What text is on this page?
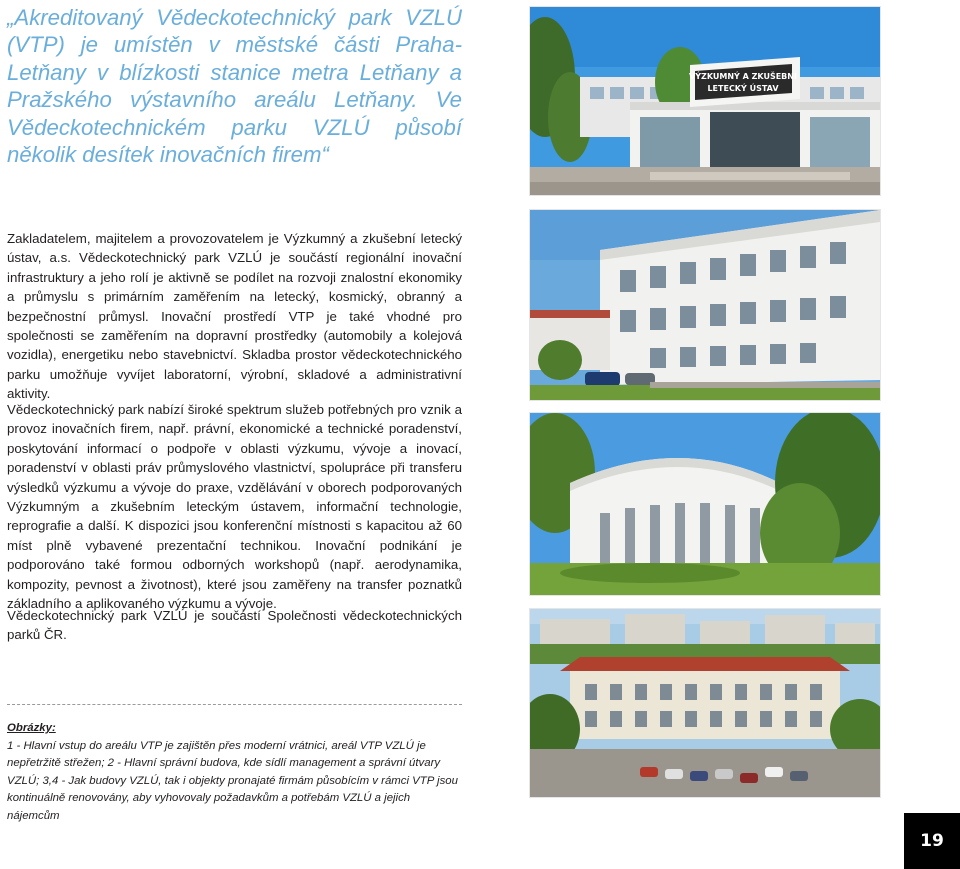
„Akreditovaný Vědeckotechnický park VZLÚ (VTP) je umístěn v městské části Praha-Letňany v blízkosti stanice metra Letňany a Pražského výstavního areálu Letňany. Ve Vědeckotechnickém parku VZLÚ působí několik desítek inovačních firem“

Zakladatelem, majitelem a provozovatelem je Výzkumný a zkušební letecký ústav, a.s. Vědeckotechnický park VZLÚ je součástí regionální inovační infrastruktury a jeho rolí je aktivně se podílet na rozvoji znalostní ekonomiky a průmyslu s primárním zaměřením na letecký, kosmický, obranný a bezpečnostní průmysl. Inovační prostředí VTP je také vhodné pro společnosti se zaměřením na dopravní prostředky (automobily a kolejová vozidla), energetiku nebo stavebnictví. Skladba prostor vědeckotechnického parku umožňuje vyvíjet laboratorní, výrobní, skladové a administrativní aktivity.

Vědeckotechnický park nabízí široké spektrum služeb potřebných pro vznik a provoz inovačních firem, např. právní, ekonomické a technické poradenství, poskytování informací o podpoře v oblasti výzkumu, vývoje a inovací, poradenství v oblasti práv průmyslového vlastnictví, spolupráce při transferu výsledků výzkumu a vývoje do praxe, vzdělávání v oborech podporovaných Výzkumným a zkušebním leteckým ústavem, informační technologie, reprografie a další. K dispozici jsou konferenční místnosti s kapacitou až 60 míst plně vybavené prezentační technikou. Inovační podnikání je podporováno také formou odborných workshopů (např. aerodynamika, kompozity, pevnost a životnost), které jsou zaměřeny na transfer poznatků základního a aplikovaného výzkumu a vývoje.

Vědeckotechnický park VZLÚ je součástí Společnosti vědeckotechnických parků ČR.

Obrázky:

1 - Hlavní vstup do areálu VTP je zajištěn přes moderní vrátnici, areál VTP VZLÚ je nepřetržitě střežen; 2 - Hlavní správní budova, kde sídlí management a správní útvary VZLÚ; 3,4 - Jak budovy VZLÚ, tak i objekty pronajaté firmám působícím v rámci VTP jsou kontinuálně renovovány, aby vyhovovaly požadavkům a potřebám VZLÚ a jejich nájemcům

VÝZKUMNÝ A ZKUŠEBNÍ
LETECKÝ ÚSTAV
19
